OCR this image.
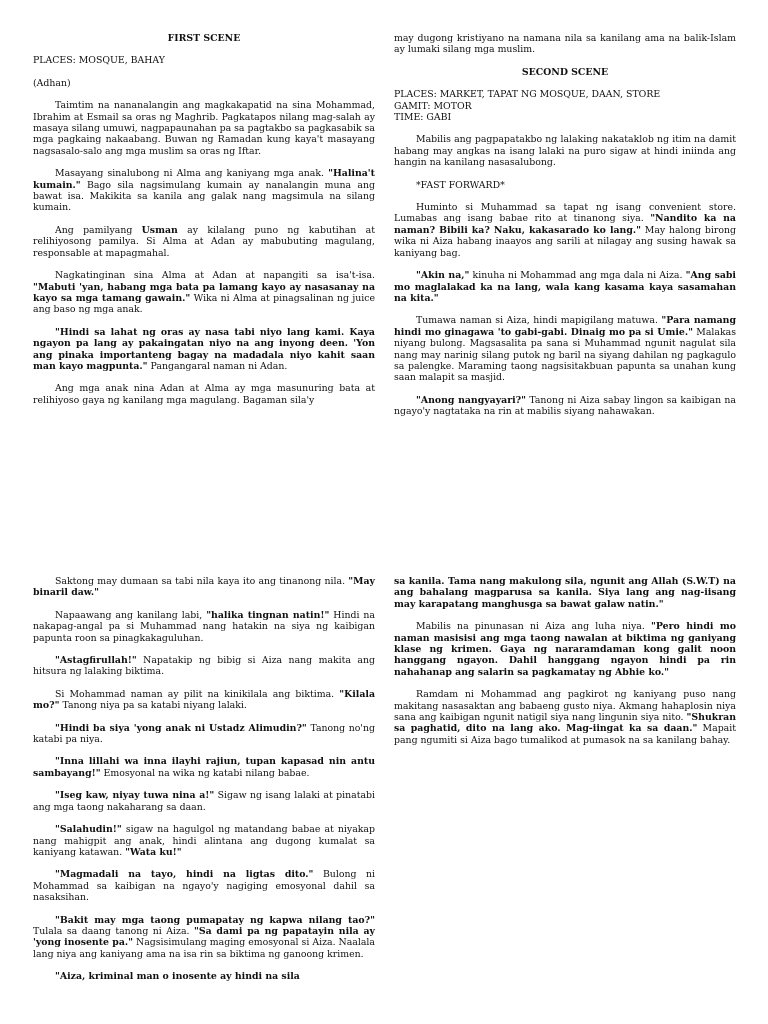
FIRST SCENE

PLACES: MOSQUE, BAHAY

(Adhan)

Taimtim na nananalangin ang magkakapatid na sina Mohammad, Ibrahim at Esmail sa oras ng Maghrib. Pagkatapos nilang mag-salah ay masaya silang umuwi, nagpapaunahan pa sa pagtakbo sa pagkasabik sa mga pagkaing nakaabang. Buwan ng Ramadan kung kaya't masayang nagsasalo-salo ang mga muslim sa oras ng Iftar.

Masayang sinalubong ni Alma ang kaniyang mga anak. "Halina't kumain." Bago sila nagsimulang kumain ay nanalangin muna ang bawat isa. Makikita sa kanila ang galak nang magsimula na silang kumain.

Ang pamilyang Usman ay kilalang puno ng kabutihan at relihiyosong pamilya. Si Alma at Adan ay mabubuting magulang, responsable at mapagmahal.

Nagkatinginan sina Alma at Adan at napangiti sa isa't-isa. "Mabuti 'yan, habang mga bata pa lamang kayo ay nasasanay na kayo sa mga tamang gawain." Wika ni Alma at pinagsalinan ng juice ang baso ng mga anak.

"Hindi sa lahat ng oras ay nasa tabi niyo lang kami. Kaya ngayon pa lang ay pakaingatan niyo na ang inyong deen. 'Yon ang pinaka importanteng bagay na madadala niyo kahit saan man kayo magpunta." Pangangaral naman ni Adan.

Ang mga anak nina Adan at Alma ay mga masunuring bata at relihiyoso gaya ng kanilang mga magulang. Bagaman sila'y

may dugong kristiyano na namana nila sa kanilang ama na balik-Islam ay lumaki silang mga muslim.

SECOND SCENE

PLACES: MARKET, TAPAT NG MOSQUE, DAAN, STORE
GAMIT: MOTOR
TIME: GABI

Mabilis ang pagpapatakbo ng lalaking nakataklob ng itim na damit habang may angkas na isang lalaki na puro sigaw at hindi iniinda ang hangin na kanilang nasasalubong.

*FAST FORWARD*

Huminto si Muhammad sa tapat ng isang convenient store. Lumabas ang isang babae rito at tinanong siya. "Nandito ka na naman? Bibili ka? Naku, kakasarado ko lang." May halong birong wika ni Aiza habang inaayos ang sarili at nilagay ang susing hawak sa kaniyang bag.

"Akin na," kinuha ni Mohammad ang mga dala ni Aiza. "Ang sabi mo maglalakad ka na lang, wala kang kasama kaya sasamahan na kita."

Tumawa naman si Aiza, hindi mapigilang matuwa. "Para namang hindi mo ginagawa 'to gabi-gabi. Dinaig mo pa si Umie." Malakas niyang bulong. Magsasalita pa sana si Muhammad ngunit nagulat sila nang may narinig silang putok ng baril na siyang dahilan ng pagkagulo sa palengke. Maraming taong nagsisitakbuan papunta sa unahan kung saan malapit sa masjid.

"Anong nangyayari?" Tanong ni Aiza sabay lingon sa kaibigan na ngayo'y nagtataka na rin at mabilis siyang nahawakan.

Saktong may dumaan sa tabi nila kaya ito ang tinanong nila. "May binaril daw."

Napaawang ang kanilang labi, "halika tingnan natin!" Hindi na nakapag-angal pa si Muhammad nang hatakin na siya ng kaibigan papunta roon sa pinagkakaguluhan.

"Astagfirullah!" Napatakip ng bibig si Aiza nang makita ang hitsura ng lalaking biktima.

Si Mohammad naman ay pilit na kinikilala ang biktima. "Kilala mo?" Tanong niya pa sa katabi niyang lalaki.

"Hindi ba siya 'yong anak ni Ustadz Alimudin?" Tanong no'ng katabi pa niya.

"Inna lillahi wa inna ilayhi rajiun, tupan kapasad nin antu sambayang!" Emosyonal na wika ng katabi nilang babae.

"Iseg kaw, niyay tuwa nina a!" Sigaw ng isang lalaki at pinatabi ang mga taong nakaharang sa daan.

"Salahudin!" sigaw na hagulgol ng matandang babae at niyakap nang mahigpit ang anak, hindi alintana ang dugong kumalat sa kaniyang katawan. "Wata ku!"

"Magmadali na tayo, hindi na ligtas dito." Bulong ni Mohammad sa kaibigan na ngayo'y nagiging emosyonal dahil sa nasaksihan.

"Bakit may mga taong pumapatay ng kapwa nilang tao?" Tulala sa daang tanong ni Aiza. "Sa dami pa ng papatayin nila ay 'yong inosente pa." Nagsisimulang maging emosyonal si Aiza. Naalala lang niya ang kaniyang ama na isa rin sa biktima ng ganoong krimen.

"Aiza, kriminal man o inosente ay hindi na sila

sa kanila. Tama nang makulong sila, ngunit ang Allah (S.W.T) na ang bahalang magparusa sa kanila. Siya lang ang nag-iisang may karapatang manghusga sa bawat galaw natin."

Mabilis na pinunasan ni Aiza ang luha niya. "Pero hindi mo naman masisisi ang mga taong nawalan at biktima ng ganiyang klase ng krimen. Gaya ng nararamdaman kong galit noon hanggang ngayon. Dahil hanggang ngayon hindi pa rin nahahanap ang salarin sa pagkamatay ng Abhie ko."

Ramdam ni Mohammad ang pagkirot ng kaniyang puso nang makitang nasasaktan ang babaeng gusto niya. Akmang hahaplosin niya sana ang kaibigan ngunit natigil siya nang lingunin siya nito. "Shukran sa paghatid, dito na lang ako. Mag-iingat ka sa daan." Mapait pang ngumiti si Aiza bago tumalikod at pumasok na sa kanilang bahay.
